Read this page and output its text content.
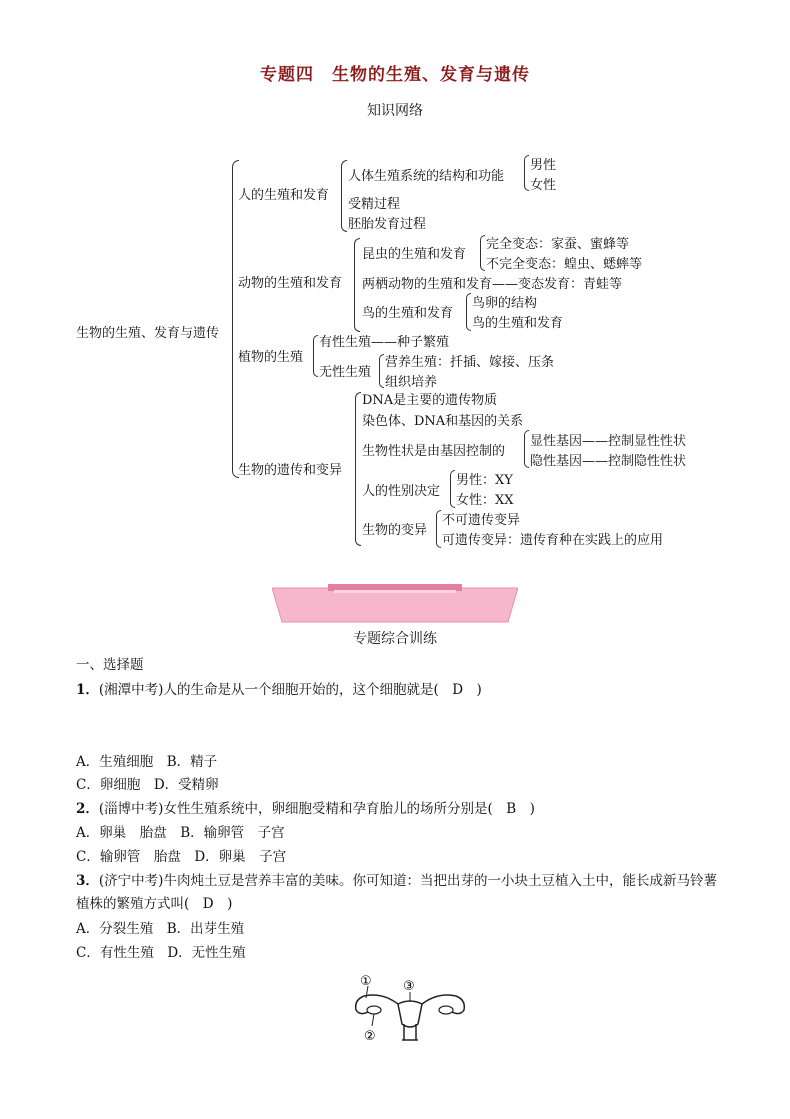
专题四　生物的生殖、发育与遗传
知识网络
生物的生殖、发育与遗传
人的生殖和发育
人体生殖系统的结构和功能
男性
女性
受精过程
胚胎发育过程
动物的生殖和发育
昆虫的生殖和发育
完全变态：家蚕、蜜蜂等
不完全变态：蝗虫、蟋蟀等
两栖动物的生殖和发育——变态发育：青蛙等
鸟的生殖和发育
鸟卵的结构
鸟的生殖和发育
植物的生殖
有性生殖——种子繁殖
无性生殖
营养生殖：扦插、嫁接、压条
组织培养
生物的遗传和变异
DNA是主要的遗传物质
染色体、DNA和基因的关系
生物性状是由基因控制的
显性基因——控制显性性状
隐性基因——控制隐性性状
人的性别决定
男性：XY
女性：XX
生物的变异
不可遗传变异
可遗传变异：遗传育种在实践上的应用
专题综合训练
一、选择题
1．(湘潭中考)人的生命是从一个细胞开始的，这个细胞就是(　D　)
A．生殖细胞　B．精子
C．卵细胞　D．受精卵
2．(淄博中考)女性生殖系统中，卵细胞受精和孕育胎儿的场所分别是(　B　)
A．卵巢　胎盘　B．输卵管　子宫
C．输卵管　胎盘　D．卵巢　子宫
3．(济宁中考)牛肉炖土豆是营养丰富的美味。你可知道：当把出芽的一小块土豆植入土中，能长成新马铃薯
植株的繁殖方式叫(　D　)
A．分裂生殖　B．出芽生殖
C．有性生殖　D．无性生殖
①
②
③
